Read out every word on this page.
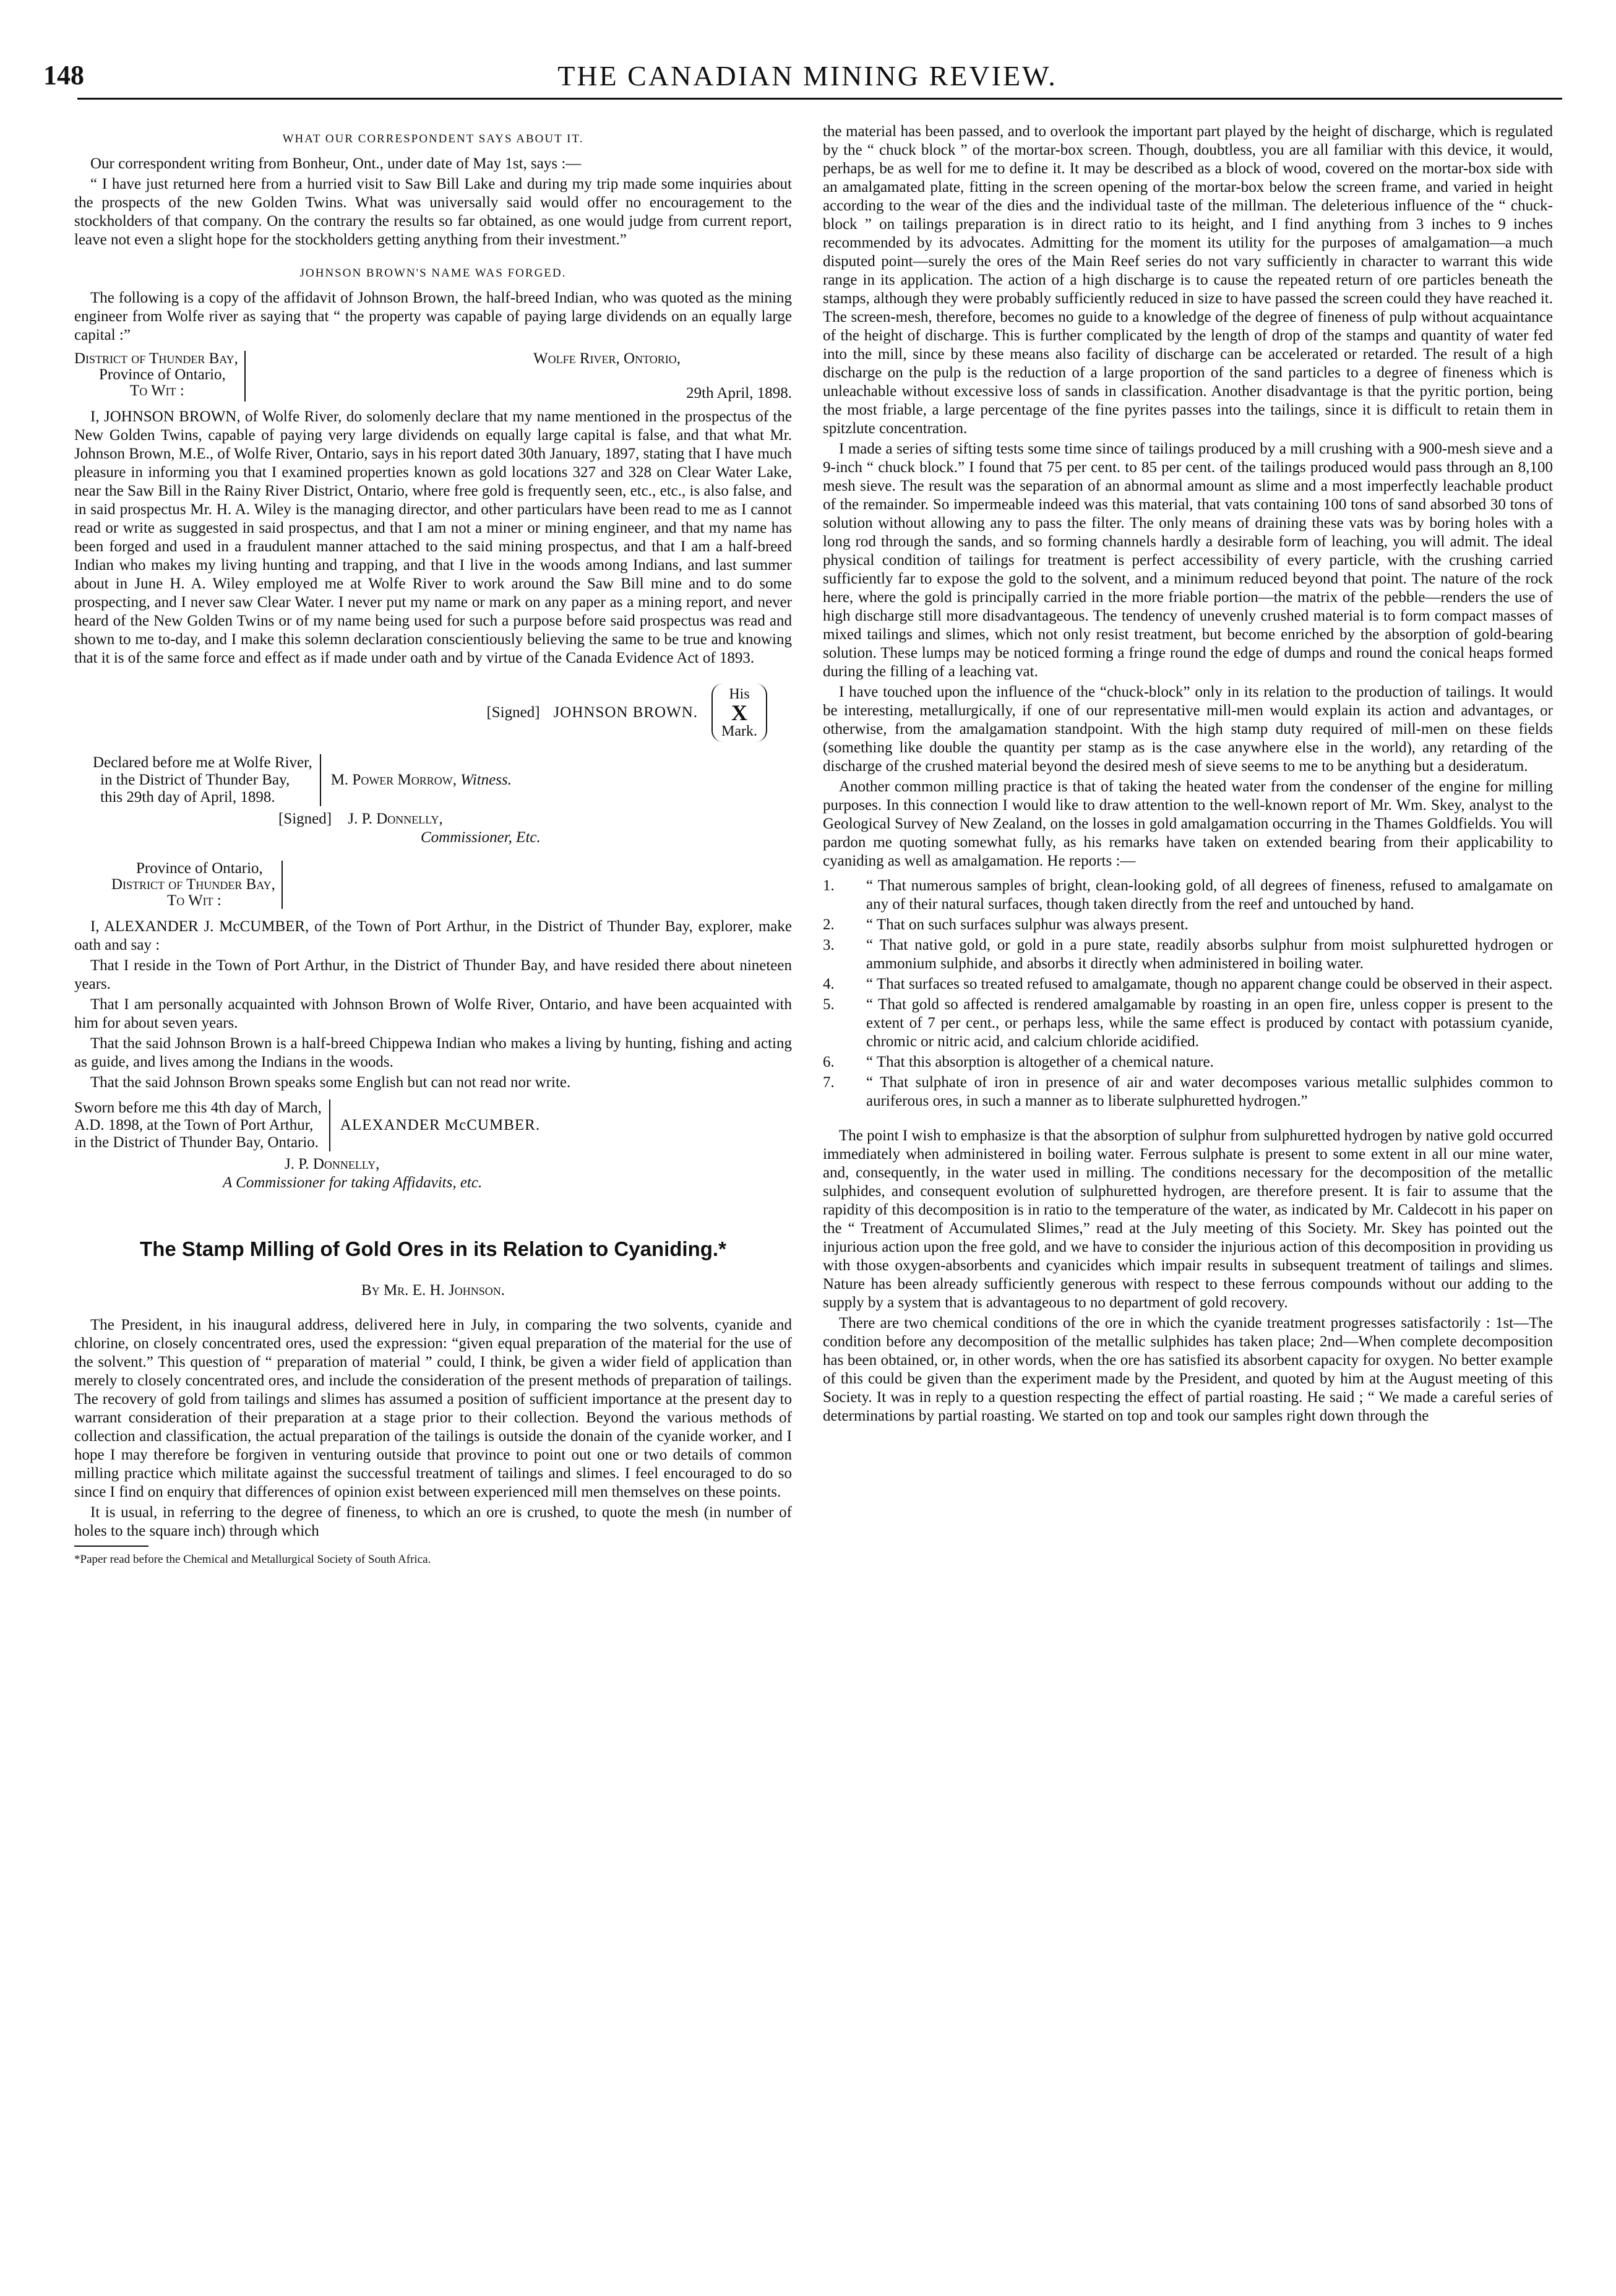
148	THE CANADIAN MINING REVIEW.
WHAT OUR CORRESPONDENT SAYS ABOUT IT.

Our correspondent writing from Bonheur, Ont., under date of May 1st, says :—

“ I have just returned here from a hurried visit to Saw Bill Lake and during my trip made some inquiries about the prospects of the new Golden Twins. What was universally said would offer no encouragement to the stockholders of that company. On the contrary the results so far obtained, as one would judge from current report, leave not even a slight hope for the stockholders getting anything from their investment.”

JOHNSON BROWN'S NAME WAS FORGED.

The following is a copy of the affidavit of Johnson Brown, the half-breed Indian, who was quoted as the mining engineer from Wolfe river as saying that “ the property was capable of paying large dividends on an equally large capital :”

District of Thunder Bay,
Province of Ontario,
To Wit :
Wolfe River, Ontorio,
29th April, 1898.

I, JOHNSON BROWN, of Wolfe River, do solomenly declare that my name mentioned in the prospectus of the New Golden Twins, capable of paying very large dividends on equally large capital is false, and that what Mr. Johnson Brown, M.E., of Wolfe River, Ontario, says in his report dated 30th January, 1897, stating that I have much pleasure in informing you that I examined properties known as gold locations 327 and 328 on Clear Water Lake, near the Saw Bill in the Rainy River District, Ontario, where free gold is frequently seen, etc., etc., is also false, and in said prospectus Mr. H. A. Wiley is the managing director, and other particulars have been read to me as I cannot read or write as suggested in said prospectus, and that I am not a miner or mining engineer, and that my name has been forged and used in a fraudulent manner attached to the said mining prospectus, and that I am a half-breed Indian who makes my living hunting and trapping, and that I live in the woods among Indians, and last summer about in June H. A. Wiley employed me at Wolfe River to work around the Saw Bill mine and to do some prospecting, and I never saw Clear Water. I never put my name or mark on any paper as a mining report, and never heard of the New Golden Twins or of my name being used for such a purpose before said prospectus was read and shown to me to-day, and I make this solemn declaration conscientiously believing the same to be true and knowing that it is of the same force and effect as if made under oath and by virtue of the Canada Evidence Act of 1893.

[Signed] JOHNSON BROWN.
His
X
Mark.
Declared before me at Wolfe River,
in the District of Thunder Bay,
this 29th day of April, 1898.
M. Power Morrow, Witness.
[Signed] J. P. Donnelly,
Commissioner, Etc.
Province of Ontario,
District of Thunder Bay,
To Wit :

I, ALEXANDER J. McCUMBER, of the Town of Port Arthur, in the District of Thunder Bay, explorer, make oath and say :

That I reside in the Town of Port Arthur, in the District of Thunder Bay, and have resided there about nineteen years.

That I am personally acquainted with Johnson Brown of Wolfe River, Ontario, and have been acquainted with him for about seven years.

That the said Johnson Brown is a half-breed Chippewa Indian who makes a living by hunting, fishing and acting as guide, and lives among the Indians in the woods.

That the said Johnson Brown speaks some English but can not read nor write.

Sworn before me this 4th day of March,
A.D. 1898, at the Town of Port Arthur,
in the District of Thunder Bay, Ontario.
ALEXANDER McCUMBER.
J. P. Donnelly,
A Commissioner for taking Affidavits, etc.
The Stamp Milling of Gold Ores in its Relation to Cyaniding.*
By Mr. E. H. Johnson.

The President, in his inaugural address, delivered here in July, in comparing the two solvents, cyanide and chlorine, on closely concentrated ores, used the expression: “given equal preparation of the material for the use of the solvent.” This question of “ preparation of material ” could, I think, be given a wider field of application than merely to closely concentrated ores, and include the consideration of the present methods of preparation of tailings. The recovery of gold from tailings and slimes has assumed a position of sufficient importance at the present day to warrant consideration of their preparation at a stage prior to their collection. Beyond the various methods of collection and classification, the actual preparation of the tailings is outside the donain of the cyanide worker, and I hope I may therefore be forgiven in venturing outside that province to point out one or two details of common milling practice which militate against the successful treatment of tailings and slimes. I feel encouraged to do so since I find on enquiry that differences of opinion exist between experienced mill men themselves on these points.

It is usual, in referring to the degree of fineness, to which an ore is crushed, to quote the mesh (in number of holes to the square inch) through which

*Paper read before the Chemical and Metallurgical Society of South Africa.

the material has been passed, and to overlook the important part played by the height of discharge, which is regulated by the “ chuck block ” of the mortar-box screen. Though, doubtless, you are all familiar with this device, it would, perhaps, be as well for me to define it. It may be described as a block of wood, covered on the mortar-box side with an amalgamated plate, fitting in the screen opening of the mortar-box below the screen frame, and varied in height according to the wear of the dies and the individual taste of the millman. The deleterious influence of the “ chuck-block ” on tailings preparation is in direct ratio to its height, and I find anything from 3 inches to 9 inches recommended by its advocates. Admitting for the moment its utility for the purposes of amalgamation—a much disputed point—surely the ores of the Main Reef series do not vary sufficiently in character to warrant this wide range in its application. The action of a high discharge is to cause the repeated return of ore particles beneath the stamps, although they were probably sufficiently reduced in size to have passed the screen could they have reached it. The screen-mesh, therefore, becomes no guide to a knowledge of the degree of fineness of pulp without acquaintance of the height of discharge. This is further complicated by the length of drop of the stamps and quantity of water fed into the mill, since by these means also facility of discharge can be accelerated or retarded. The result of a high discharge on the pulp is the reduction of a large proportion of the sand particles to a degree of fineness which is unleachable without excessive loss of sands in classification. Another disadvantage is that the pyritic portion, being the most friable, a large percentage of the fine pyrites passes into the tailings, since it is difficult to retain them in spitzlute concentration.

I made a series of sifting tests some time since of tailings produced by a mill crushing with a 900-mesh sieve and a 9-inch “ chuck block.” I found that 75 per cent. to 85 per cent. of the tailings produced would pass through an 8,100 mesh sieve. The result was the separation of an abnormal amount as slime and a most imperfectly leachable product of the remainder. So impermeable indeed was this material, that vats containing 100 tons of sand absorbed 30 tons of solution without allowing any to pass the filter. The only means of draining these vats was by boring holes with a long rod through the sands, and so forming channels hardly a desirable form of leaching, you will admit. The ideal physical condition of tailings for treatment is perfect accessibility of every particle, with the crushing carried sufficiently far to expose the gold to the solvent, and a minimum reduced beyond that point. The nature of the rock here, where the gold is principally carried in the more friable portion—the matrix of the pebble—renders the use of high discharge still more disadvantageous. The tendency of unevenly crushed material is to form compact masses of mixed tailings and slimes, which not only resist treatment, but become enriched by the absorption of gold-bearing solution. These lumps may be noticed forming a fringe round the edge of dumps and round the conical heaps formed during the filling of a leaching vat.

I have touched upon the influence of the “chuck-block” only in its relation to the production of tailings. It would be interesting, metallurgically, if one of our representative mill-men would explain its action and advantages, or otherwise, from the amalgamation standpoint. With the high stamp duty required of mill-men on these fields (something like double the quantity per stamp as is the case anywhere else in the world), any retarding of the discharge of the crushed material beyond the desired mesh of sieve seems to me to be anything but a desideratum.

Another common milling practice is that of taking the heated water from the condenser of the engine for milling purposes. In this connection I would like to draw attention to the well-known report of Mr. Wm. Skey, analyst to the Geological Survey of New Zealand, on the losses in gold amalgamation occurring in the Thames Goldfields. You will pardon me quoting somewhat fully, as his remarks have taken on extended bearing from their applicability to cyaniding as well as amalgamation. He reports :—

1.	“ That numerous samples of bright, clean-looking gold, of all degrees of fineness, refused to amalgamate on any of their natural surfaces, though taken directly from the reef and untouched by hand.
2.	“ That on such surfaces sulphur was always present.
3.	“ That native gold, or gold in a pure state, readily absorbs sulphur from moist sulphuretted hydrogen or ammonium sulphide, and absorbs it directly when administered in boiling water.
4.	“ That surfaces so treated refused to amalgamate, though no apparent change could be observed in their aspect.
5.	“ That gold so affected is rendered amalgamable by roasting in an open fire, unless copper is present to the extent of 7 per cent., or perhaps less, while the same effect is produced by contact with potassium cyanide, chromic or nitric acid, and calcium chloride acidified.
6.	“ That this absorption is altogether of a chemical nature.
7.	“ That sulphate of iron in presence of air and water decomposes various metallic sulphides common to auriferous ores, in such a manner as to liberate sulphuretted hydrogen.”

The point I wish to emphasize is that the absorption of sulphur from sulphuretted hydrogen by native gold occurred immediately when administered in boiling water. Ferrous sulphate is present to some extent in all our mine water, and, consequently, in the water used in milling. The conditions necessary for the decomposition of the metallic sulphides, and consequent evolution of sulphuretted hydrogen, are therefore present. It is fair to assume that the rapidity of this decomposition is in ratio to the temperature of the water, as indicated by Mr. Caldecott in his paper on the “ Treatment of Accumulated Slimes,” read at the July meeting of this Society. Mr. Skey has pointed out the injurious action upon the free gold, and we have to consider the injurious action of this decomposition in providing us with those oxygen-absorbents and cyanicides which impair results in subsequent treatment of tailings and slimes. Nature has been already sufficiently generous with respect to these ferrous compounds without our adding to the supply by a system that is advantageous to no department of gold recovery.

There are two chemical conditions of the ore in which the cyanide treatment progresses satisfactorily : 1st—The condition before any decomposition of the metallic sulphides has taken place; 2nd—When complete decomposition has been obtained, or, in other words, when the ore has satisfied its absorbent capacity for oxygen. No better example of this could be given than the experiment made by the President, and quoted by him at the August meeting of this Society. It was in reply to a question respecting the effect of partial roasting. He said ; “ We made a careful series of determinations by partial roasting. We started on top and took our samples right down through the
